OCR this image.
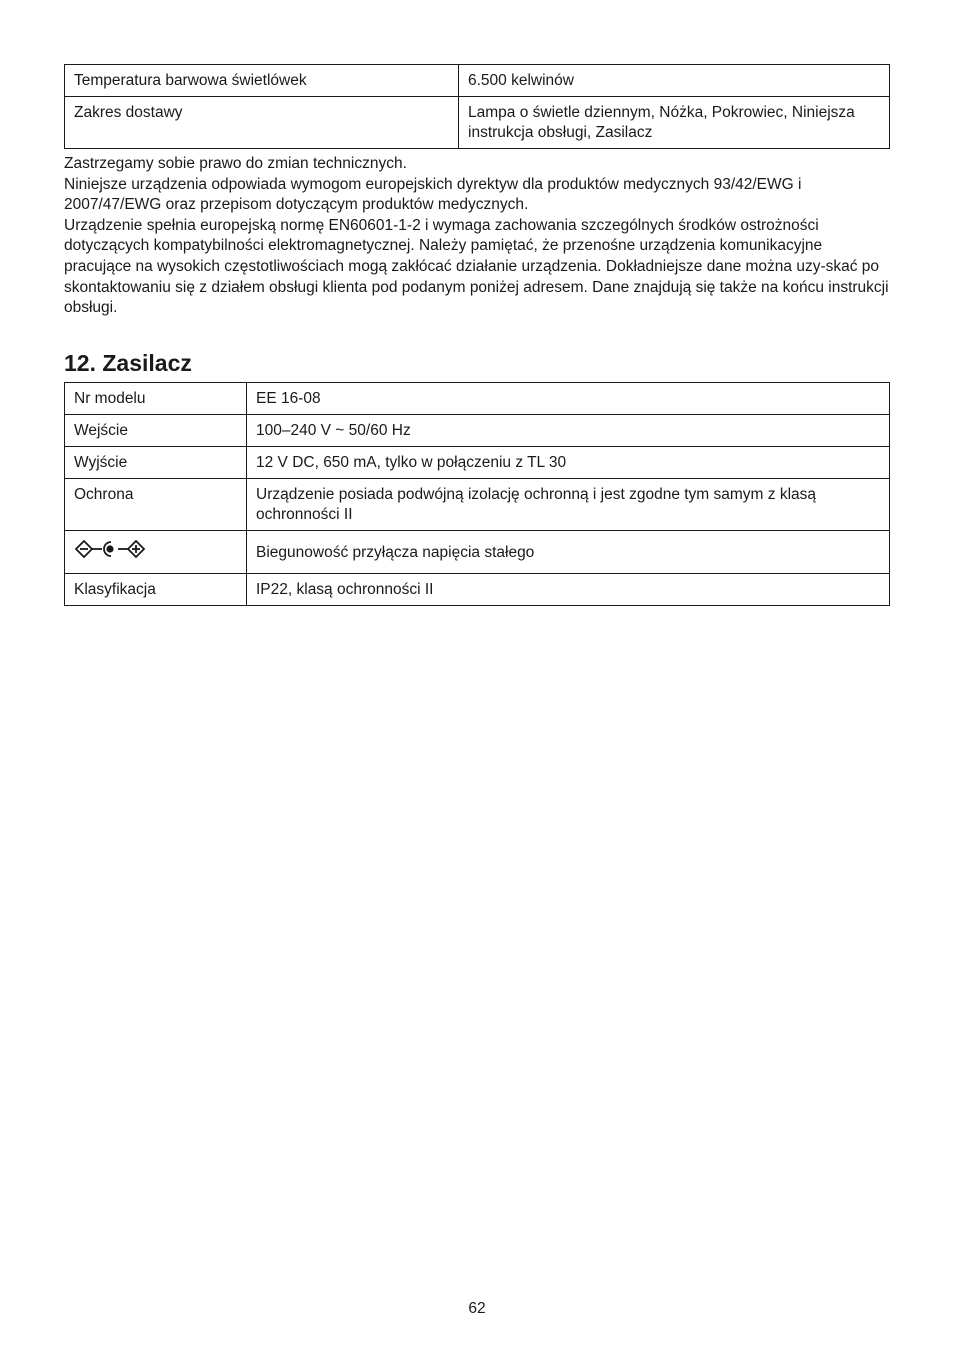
Temperatura barwowa świetlówek	6.500 kelwinów
Zakres dostawy	Lampa o świetle dziennym, Nóżka, Pokrowiec, Niniejsza instrukcja obsługi, Zasilacz

Zastrzegamy sobie prawo do zmian technicznych.

Niniejsze urządzenia odpowiada wymogom europejskich dyrektyw dla produktów medycznych 93/42/EWG i 2007/47/EWG oraz przepisom dotyczącym produktów medycznych.

Urządzenie spełnia europejską normę EN60601-1-2 i wymaga zachowania szczególnych środków ostrożności dotyczących kompatybilności elektromagnetycznej. Należy pamiętać, że przenośne urządzenia komunikacyjne pracujące na wysokich częstotliwościach mogą zakłócać działanie urządzenia. Dokładniejsze dane można uzy-skać po skontaktowaniu się z działem obsługi klienta pod podanym poniżej adresem. Dane znajdują się także na końcu instrukcji obsługi.

12. Zasilacz
Nr modelu	EE 16-08
Wejście	100–240 V ~ 50/60 Hz
Wyjście	12 V DC, 650 mA, tylko w połączeniu z TL 30
Ochrona	Urządzenie posiada podwójną izolację ochronną i jest zgodne tym samym z klasą ochronności II

	Biegunowość przyłącza napięcia stałego
Klasyfikacja	IP22, klasą ochronności II
62
